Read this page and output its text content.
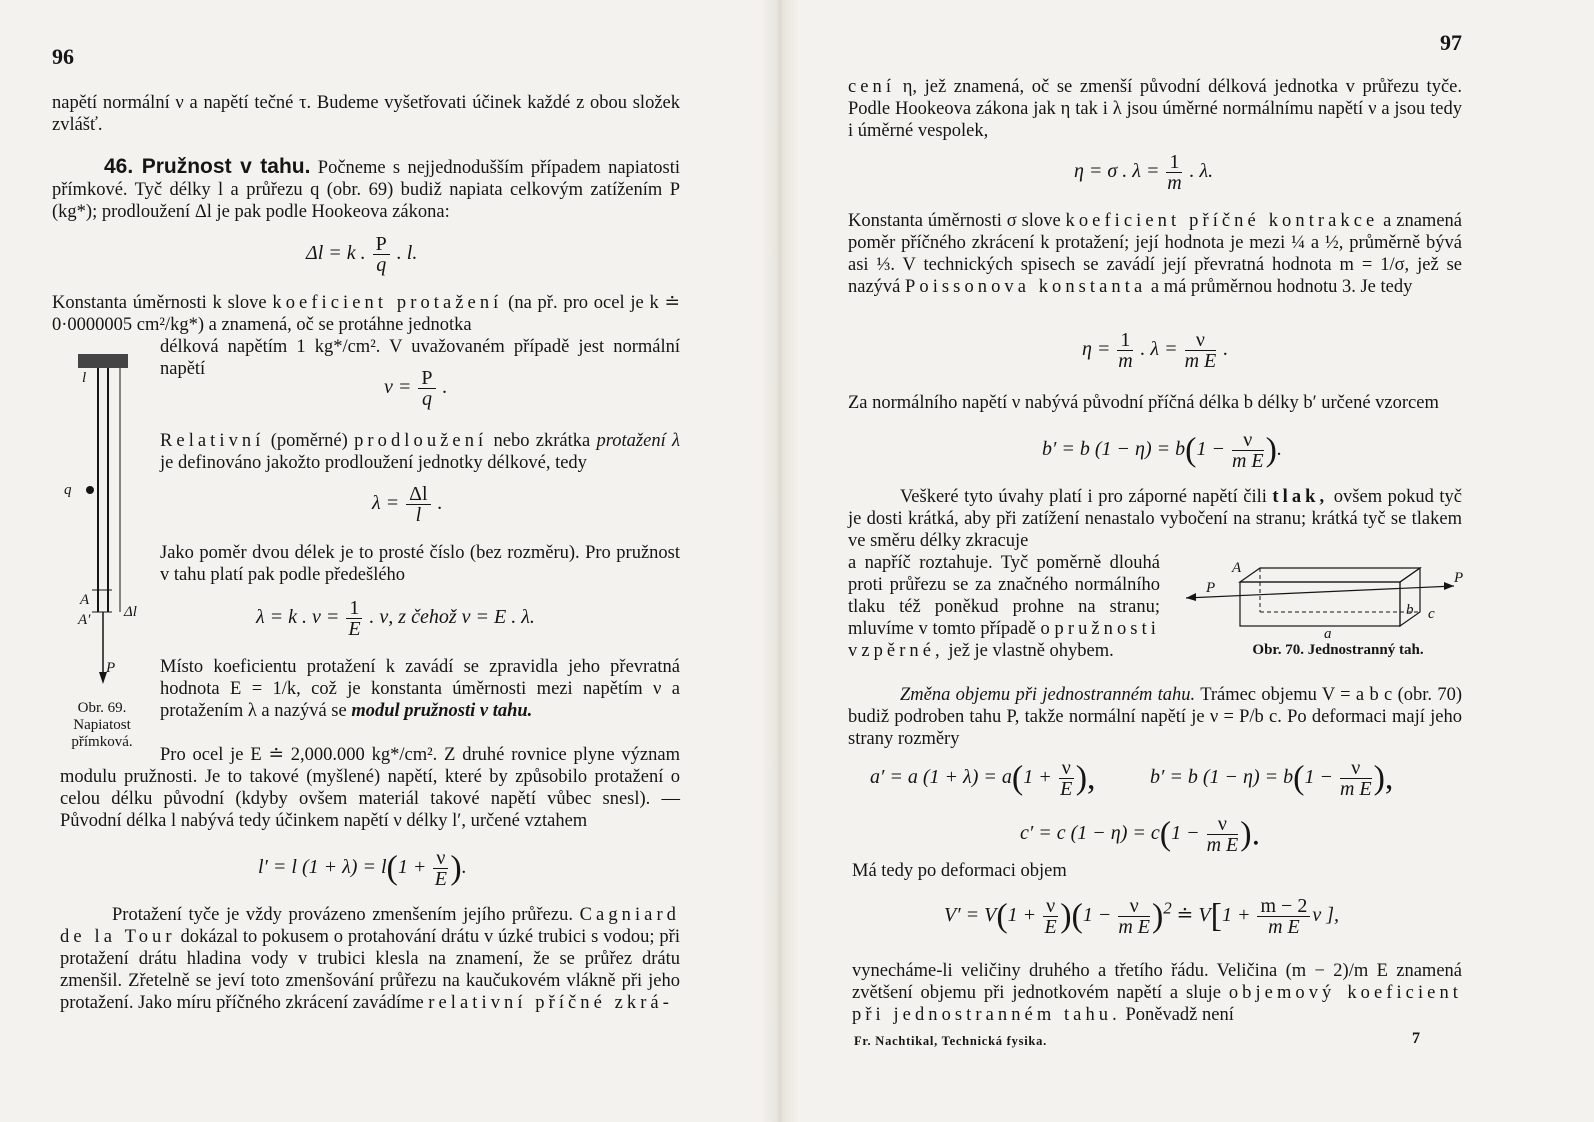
96

napětí normální ν a napětí tečné τ. Budeme vyšetřovati účinek každé z obou složek zvlášť.

46. Pružnost v tahu. Počneme s nejjednodušším případem napiatosti přímkové. Tyč délky l a průřezu q (obr. 69) budiž napiata celkovým zatížením P (kg*); prodloužení Δl je pak podle Hookeova zákona:

Δl = k . $\frac{P}{q}$ . l.

Konstanta úměrnosti k slove koeficient protažení (na př. pro ocel je k ≐ 0·0000005 cm²/kg*) a znamená, oč se protáhne jednotka

délková napětím 1 kg*/cm². V uvažovaném případě jest normální napětí

$\nu = \frac{P}{q}$ .

Relativní (poměrné) prodloužení nebo zkrátka protažení λ je definováno jakožto prodloužení jednotky délkové, tedy

$\lambda = \frac{\Delta l}{l}$ .

Jako poměr dvou délek je to prosté číslo (bez rozměru). Pro pružnost v tahu platí pak podle předešlého

λ = k . $\nu = \frac{1}{E}$ . ν, z čehož ν = E . λ.

Místo koeficientu protažení k zavádí se zpravidla jeho převratná hodnota E = 1/k, což je konstanta úměrnosti mezi napětím ν a protažením λ a nazývá se modul pružnosti v tahu.

Pro ocel je E ≐ 2,000.000 kg*/cm². Z druhé rovnice plyne význam modulu pružnosti. Je to takové (myšlené) napětí, které by způsobilo protažení o celou délku původní (kdyby ovšem materiál takové napětí vůbec snesl). — Původní délka l nabývá tedy účinkem napětí ν délky l′, určené vztahem

l′ = l $(1 + \lambda) = l(1 + \frac{\nu}{E}$ ).

Protažení tyče je vždy provázeno zmenšením jejího průřezu. Cagniard de la Tour dokázal to pokusem o protahování drátu v úzké trubici s vodou; při protažení drátu hladina vody v trubici klesla na znamení, že se průřez drátu zmenšil. Zřetelně se jeví toto zmenšování průřezu na kaučukovém vlákně při jeho protažení. Jako míru příčného zkrácení zavádíme relativní příčné zkrá-

l
q
A
A′ Δl
P
Obr. 69. Napiatost přímková.
97

cení η, jež znamená, oč se zmenší původní délková jednotka v průřezu tyče. Podle Hookeova zákona jak η tak i λ jsou úměrné normálnímu napětí ν a jsou tedy i úměrné vespolek,

η = σ . $\lambda = \frac{1}{m}$ . λ.

Konstanta úměrnosti σ slove koeficient příčné kontrakce a znamená poměr příčného zkrácení k protažení; její hodnota je mezi ¼ a ½, průměrně bývá asi ⅓. V technických spisech se zavádí její převratná hodnota m = 1/σ, jež se nazývá Poissonova konstanta a má průměrnou hodnotu 3. Je tedy

$\eta = \frac{1}{m}$ . $\lambda = \frac{\nu}{\text{m E}}$ .

Za normálního napětí ν nabývá původní příčná délka b délky b′ určené vzorcem

b′ = b $(1 - \eta) = b(1 - \frac{\nu}{\text{m E}}$ ).

Veškeré tyto úvahy platí i pro záporné napětí čili tlak, ovšem pokud tyč je dosti krátká, aby při zatížení nenastalo vybočení na stranu; krátká tyč se tlakem ve směru délky zkracuje

a napříč roztahuje. Tyč poměrně dlouhá proti průřezu se za značného normálního tlaku též poněkud prohne na stranu; mluvíme v tomto případě o pružnosti vzpěrné, jež je vlastně ohybem.

A
P
P
a
b c
Obr. 70. Jednostranný tah.

Změna objemu při jednostranném tahu. Trámec objemu V = a b c (obr. 70) budiž podroben tahu P, takže normální napětí je ν = P/b c. Po deformaci mají jeho strany rozměry

a′ = a $(1 + \lambda) = a(1 + \frac{\nu}{E}$ ),	b′ = b $(1 - \eta) = b(1 - \frac{\nu}{\text{m E}}$ ),
c′ = c $(1 - \eta) = c(1 - \frac{\nu}{\text{m E}}$ ).

Má tedy po deformaci objem

$V' = V(1 + \frac{\nu}{E} )(1 - \frac{\nu}{\text{m E}} )^2$ ≐ $V[1 + \frac{m - 2}{\text{m E}}$ ν ],

vynecháme-li veličiny druhého a třetího řádu. Veličina (m − 2)/m E znamená zvětšení objemu při jednotkovém napětí a sluje objemový koeficient při jednostranném tahu. Poněvadž není

Fr. Nachtikal, Technická fysika.	7
